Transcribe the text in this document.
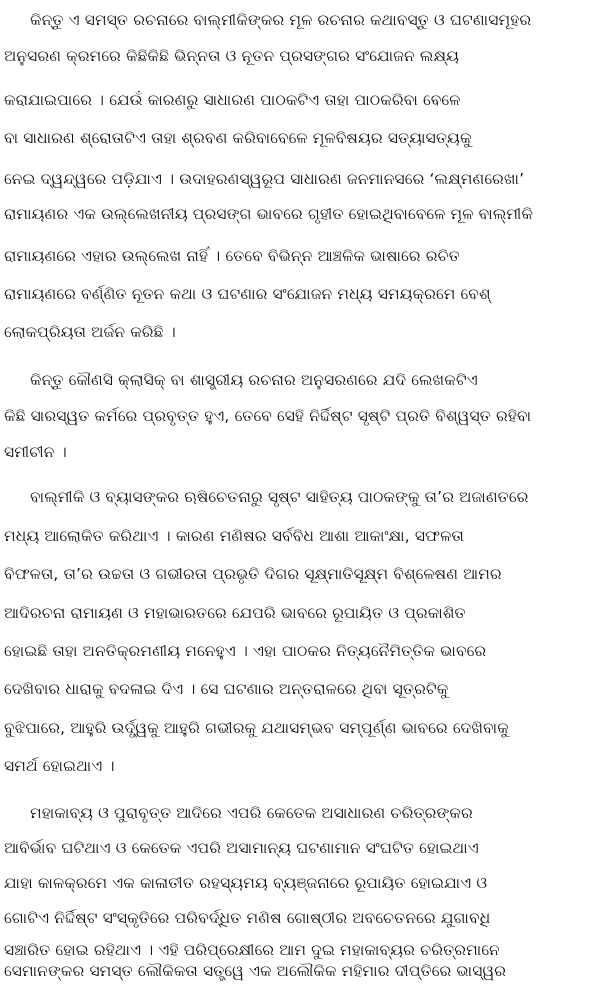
କିନ୍ତୁ ଏ ସମସ୍ତ ରଚନାରେ ବାଲ୍ମୀକିଙ୍କର ମୂଳ ରଚନାର କଥାବସ୍ତୁ ଓ ଘଟଣାସମୂହର
ଅନୁସରଣ କ୍ରମରେ କିଛିକିଛି ଭିନ୍ନତା ଓ ନୂତନ ପ୍ରସଙ୍ଗର ସଂଯୋଜନ ଲକ୍ଷ୍ୟ
କରାଯାଇପାରେ । ଯେଉଁ କାରଣରୁ ସାଧାରଣ ପାଠକଟିଏ ତାହା ପାଠକରିବା ବେଳେ
ବା ସାଧାରଣ ଶ୍ରୋତାଟିଏ ତାହା ଶ୍ରବଣ କରିବାବେଳେ ମୂଳବିଷୟର ସତ୍ୟାସତ୍ୟକୁ
ନେଇ ଦ୍ୱନ୍ଦ୍ୱରେ ପଡ଼ିଯାଏ । ଉଦାହରଣସ୍ୱରୂପ ସାଧାରଣ ଜନମାନସରେ ‘ଲକ୍ଷ୍ମଣରେଖା’
ରାମାୟଣର ଏକ ଉଲ୍ଲେଖନୀୟ ପ୍ରସଙ୍ଗ ଭାବରେ ଗୃହୀତ ହୋଇଥିବାବେଳେ ମୂଳ ବାଲ୍ମୀକି
ରାମାୟଣରେ ଏହାର ଉଲ୍ଲେଖ ନାହିଁ । ତେବେ ବିଭିନ୍ନ ଆଞ୍ଚଳିକ ଭାଷାରେ ରଚିତ
ରାମାୟଣରେ ବର୍ଣ୍ଣିତ ନୂତନ କଥା ଓ ଘଟଣାର ସଂଯୋଜନ ମଧ୍ୟ ସମୟକ୍ରମେ ବେଶ୍
ଲୋକପ୍ରିୟତା ଅର୍ଜନ କରିଛି ।
କିନ୍ତୁ କୌଣସି କ୍ଲାସିକ୍ ବା ଶାସ୍ତ୍ରୀୟ ରଚନାର ଅନୁସରଣରେ ଯଦି ଲେଖକଟିଏ
କିଛି ସାରସ୍ୱତ କର୍ମରେ ପ୍ରବୃତ୍ତ ହୁଏ, ତେବେ ସେହି ନିର୍ଦ୍ଦିଷ୍ଟ ସୃଷ୍ଟି ପ୍ରତି ବିଶ୍ୱସ୍ତ ରହିବା
ସମୀଚୀନ ।
ବାଲ୍ମୀକି ଓ ବ୍ୟାସଙ୍କର ଋଷିଚେତନାରୁ ସୃଷ୍ଟ ସାହିତ୍ୟ ପାଠକଙ୍କୁ ତା’ର ଅଜାଣତରେ
ମଧ୍ୟ ଆଲୋକିତ କରିଥାଏ । କାରଣ ମଣିଷର ସର୍ବବିଧ ଆଶା ଆକାଂକ୍ଷା, ସଫଳତା
ବିଫଳତା, ତା’ର ଉଚ୍ଚତା ଓ ଗଭୀରତା ପ୍ରଭୃତି ଦିଗର ସୂକ୍ଷ୍ମାତିସୂକ୍ଷ୍ମ ବିଶ୍ଳେଷଣ ଆମର
ଆଦିରଚନା ରାମାୟଣ ଓ ମହାଭାରତରେ ଯେପରି ଭାବରେ ରୂପାୟିତ ଓ ପ୍ରକାଶିତ
ହୋଇଛି ତାହା ଅନତିକ୍ରମଣୀୟ ମନେହୁଏ । ଏହା ପାଠକର ନିତ୍ୟନୈମିତ୍ତିକ ଭାବରେ
ଦେଖିବାର ଧାରାକୁ ବଦଳାଇ ଦିଏ । ସେ ଘଟଣାର ଅନ୍ତରାଳରେ ଥିବା ସୂତ୍ରଟିକୁ
ବୁଝିପାରେ, ଆହୁରି ଉର୍ଦ୍ଧ୍ୱକୁ ଆହୁରି ଗଭୀରକୁ ଯଥାସମ୍ଭବ ସମ୍ପୂର୍ଣ୍ଣ ଭାବରେ ଦେଖିବାକୁ
ସମର୍ଥ ହୋଇଥାଏ ।
ମହାକାବ୍ୟ ଓ ପୁରାବୃତ୍ତ ଆଦିରେ ଏପରି କେତେକ ଅସାଧାରଣ ଚରିତ୍ରଙ୍କର
ଆବିର୍ଭାବ ଘଟିଥାଏ ଓ କେତେକ ଏପରି ଅସାମାନ୍ୟ ଘଟଣାମାନ ସଂଘଟିତ ହୋଇଥାଏ
ଯାହା କାଳକ୍ରମେ ଏକ କାଳାତୀତ ରହସ୍ୟମୟ ବ୍ୟଞ୍ଜନାରେ ରୂପାୟିତ ହୋଇଯାଏ ଓ
ଗୋଟିଏ ନିର୍ଦ୍ଦିଷ୍ଟ ସଂସ୍କୃତିରେ ପରିବର୍ଦ୍ଧିତ ମଣିଷ ଗୋଷ୍ଠୀର ଅବଚେତନରେ ଯୁଗାବଧି
ସଞ୍ଚାରିତ ହୋଇ ରହିଥାଏ । ଏହି ପରିପ୍ରେକ୍ଷୀରେ ଆମ ଦୁଇ ମହାକାବ୍ୟର ଚରିତ୍ରମାନେ
ସେମାନଙ୍କର ସମସ୍ତ ଲୌକିକତା ସତ୍ତ୍ୱେ ଏକ ଅଲୌକିକ ମହିମାର ଦୀପ୍ତିରେ ଭାସ୍ୱର
